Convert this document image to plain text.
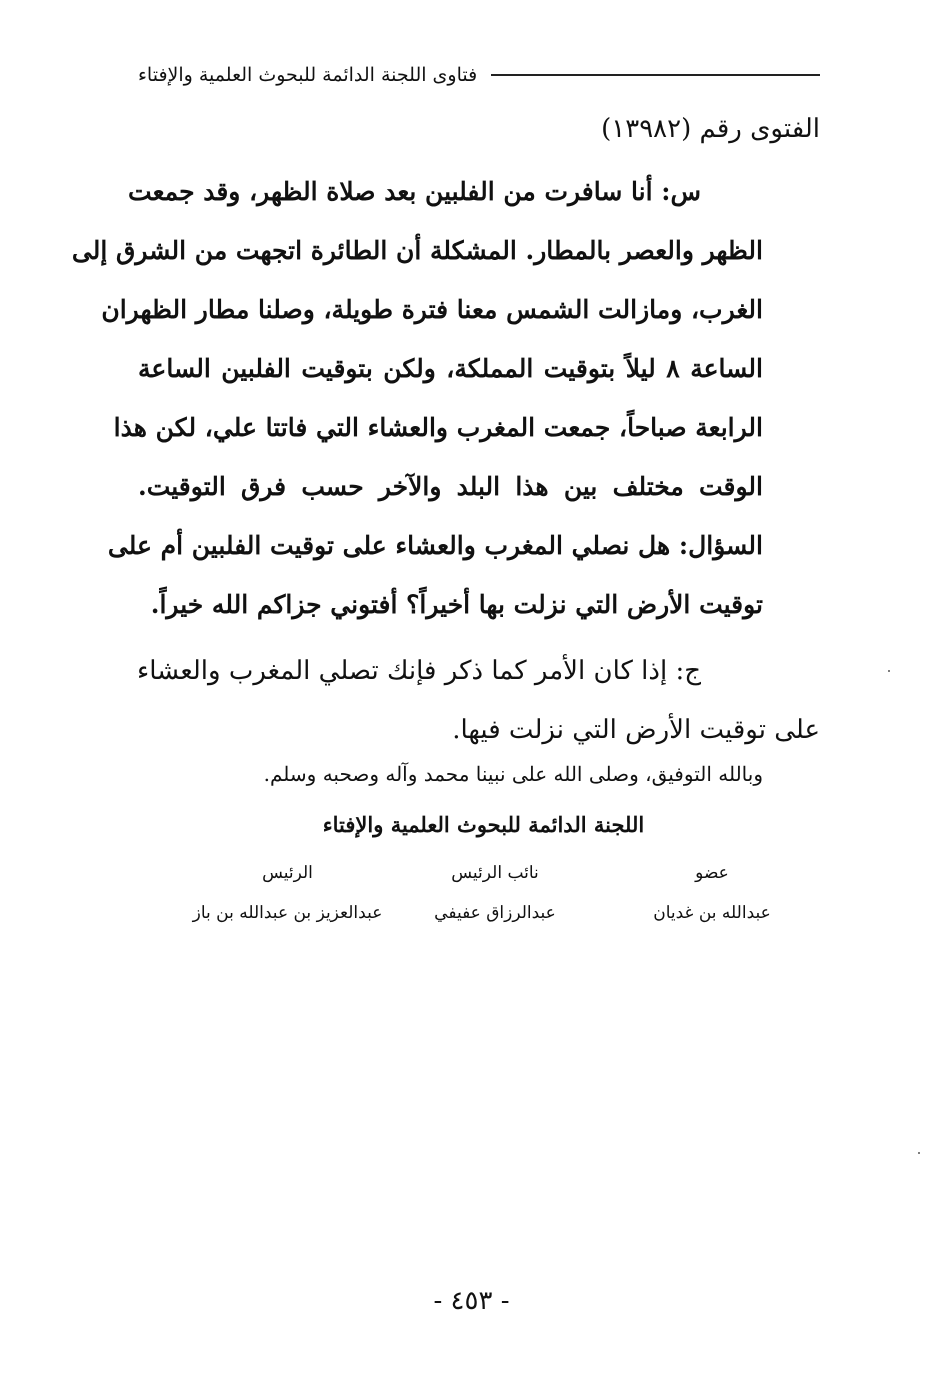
فتاوى اللجنة الدائمة للبحوث العلمية والإفتاء
الفتوى رقم (١٣٩٨٢)
س: أنا سافرت من الفلبين بعد صلاة الظهر، وقد جمعت
الظهر والعصر بالمطار. المشكلة أن الطائرة اتجهت من الشرق إلى
الغرب، ومازالت الشمس معنا فترة طويلة، وصلنا مطار الظهران
الساعة ٨ ليلاً بتوقيت المملكة، ولكن بتوقيت الفلبين الساعة
الرابعة صباحاً، جمعت المغرب والعشاء التي فاتتا علي، لكن هذا
الوقت مختلف بين هذا البلد والآخر حسب فرق التوقيت.
السؤال: هل نصلي المغرب والعشاء على توقيت الفلبين أم على
توقيت الأرض التي نزلت بها أخيراً؟ أفتوني جزاكم الله خيراً.
ج: إذا كان الأمر كما ذكر فإنك تصلي المغرب والعشاء
على توقيت الأرض التي نزلت فيها.
وبالله التوفيق، وصلى الله على نبينا محمد وآله وصحبه وسلم.
اللجنة الدائمة للبحوث العلمية والإفتاء
عضو
عبدالله بن غديان
نائب الرئيس
عبدالرزاق عفيفي
الرئيس
عبدالعزيز بن عبدالله بن باز
- ٤٥٣ -
